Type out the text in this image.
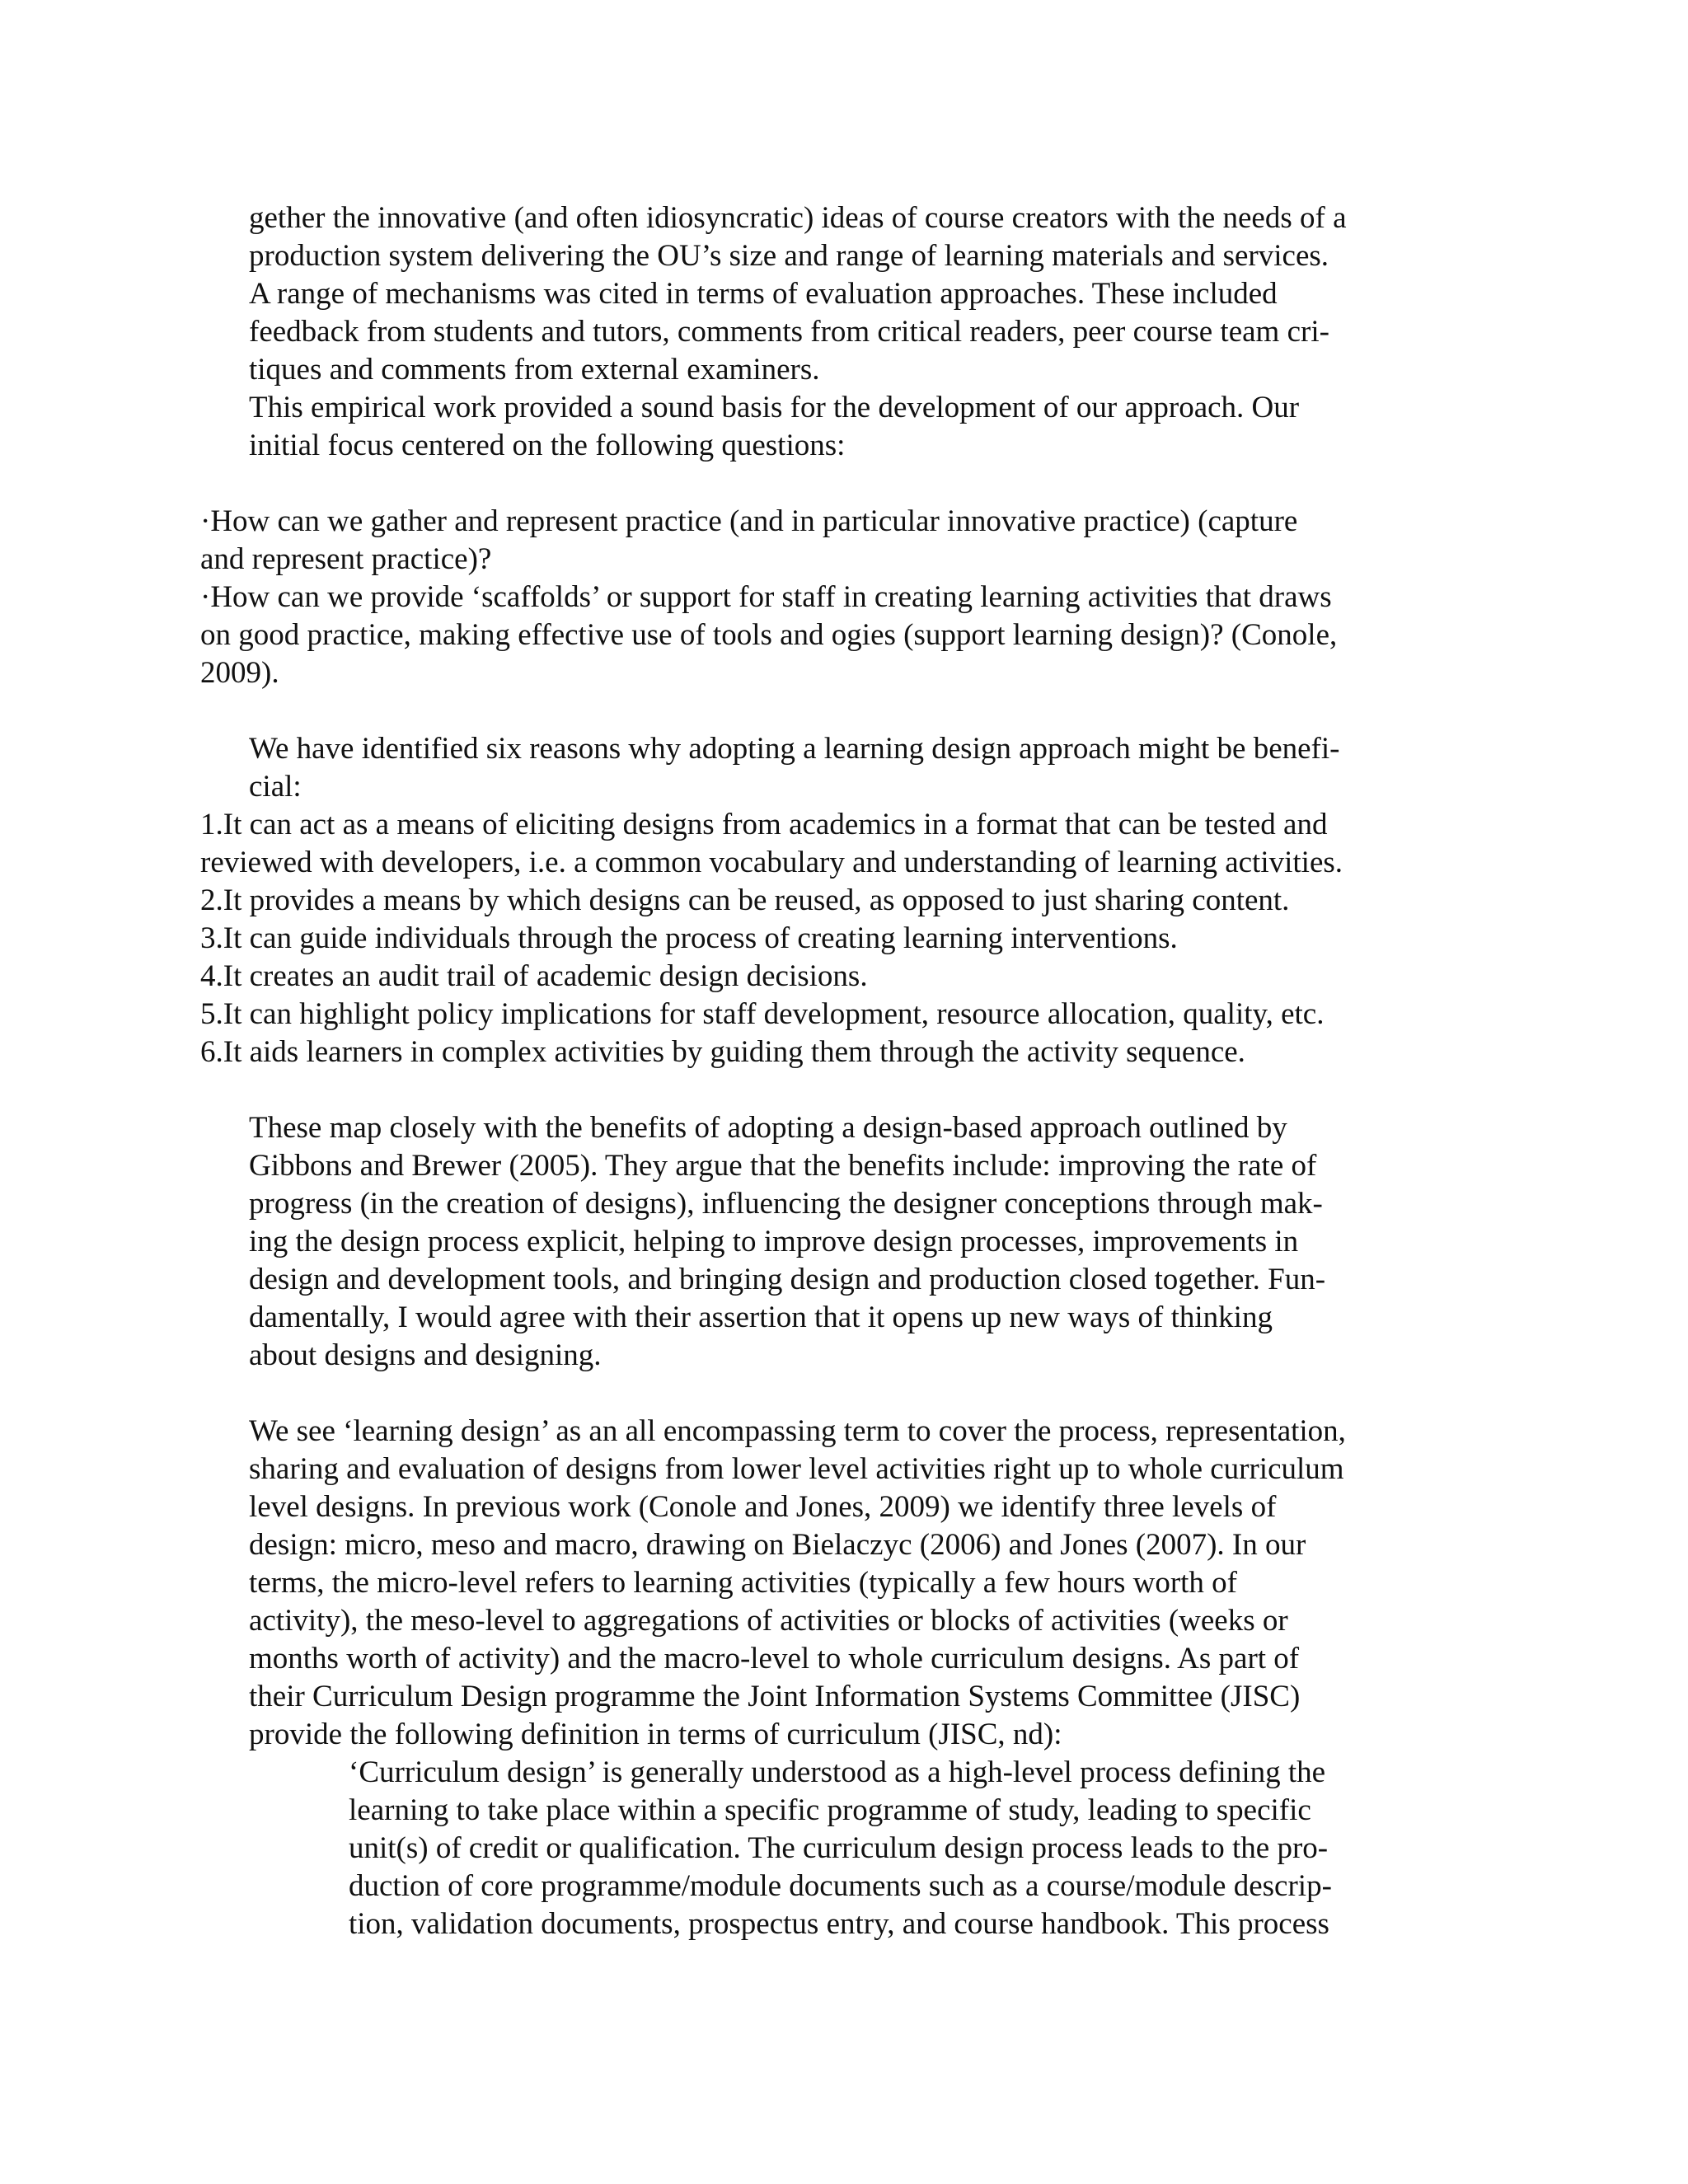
gether the innovative (and often idiosyncratic) ideas of course creators with the needs of a
production system delivering the OU’s size and range of learning materials and services.
A range of mechanisms was cited in terms of evaluation approaches. These included
feedback from students and tutors, comments from critical readers, peer course team cri-
tiques and comments from external examiners.
This empirical work provided a sound basis for the development of our approach. Our
initial focus centered on the following questions:
·How can we gather and represent practice (and in particular innovative practice) (capture
and represent practice)?
·How can we provide ‘scaffolds’ or support for staff in creating learning activities that draws
on good practice, making effective use of tools and ogies (support learning design)? (Conole,
2009).
We have identified six reasons why adopting a learning design approach might be benefi-
cial:
1.It can act as a means of eliciting designs from academics in a format that can be tested and
reviewed with developers, i.e. a common vocabulary and understanding of learning activities.
2.It provides a means by which designs can be reused, as opposed to just sharing content.
3.It can guide individuals through the process of creating learning interventions.
4.It creates an audit trail of academic design decisions.
5.It can highlight policy implications for staff development, resource allocation, quality, etc.
6.It aids learners in complex activities by guiding them through the activity sequence.
These map closely with the benefits of adopting a design-based approach outlined by
Gibbons and Brewer (2005). They argue that the benefits include: improving the rate of
progress (in the creation of designs), influencing the designer conceptions through mak-
ing the design process explicit, helping to improve design processes, improvements in
design and development tools, and bringing design and production closed together. Fun-
damentally, I would agree with their assertion that it opens up new ways of thinking
about designs and designing.
We see ‘learning design’ as an all encompassing term to cover the process, representation,
sharing and evaluation of designs from lower level activities right up to whole curriculum
level designs. In previous work (Conole and Jones, 2009) we identify three levels of
design: micro, meso and macro, drawing on Bielaczyc (2006) and Jones (2007). In our
terms, the micro-level refers to learning activities (typically a few hours worth of
activity), the meso-level to aggregations of activities or blocks of activities (weeks or
months worth of activity) and the macro-level to whole curriculum designs. As part of
their Curriculum Design programme the Joint Information Systems Committee (JISC)
provide the following definition in terms of curriculum (JISC, nd):
‘Curriculum design’ is generally understood as a high-level process defining the
learning to take place within a specific programme of study, leading to specific
unit(s) of credit or qualification. The curriculum design process leads to the pro-
duction of core programme/module documents such as a course/module descrip-
tion, validation documents, prospectus entry, and course handbook. This process
